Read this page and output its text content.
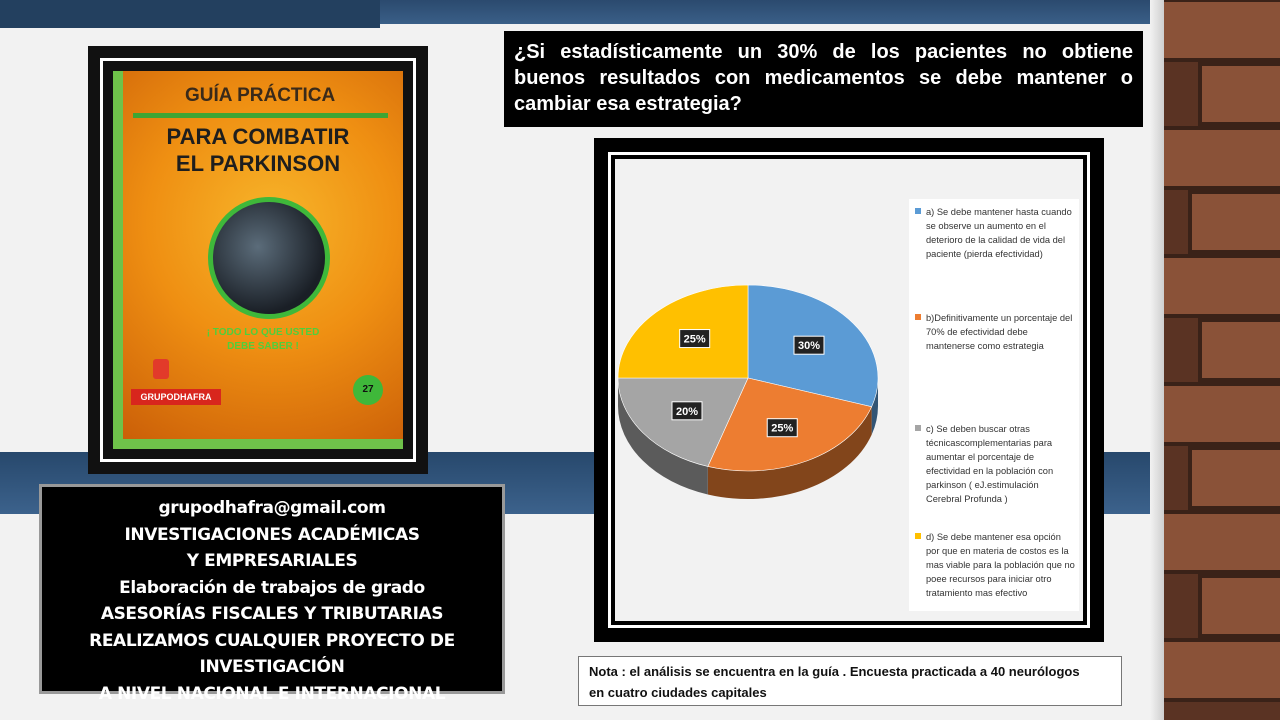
GUÍA PRÁCTICA
PARA COMBATIR
EL PARKINSON
¡ TODO LO QUE USTED
DEBE SABER !
GRUPODHAFRA
27
¿Si estadísticamente un 30% de los pacientes no obtiene buenos resultados con medicamentos se debe mantener o cambiar esa estrategia?
30%
25%
20%
25%
a) Se debe mantener hasta cuando se observe un aumento en el deterioro de la calidad de vida del paciente (pierda efectividad)
b)Definitivamente un porcentaje del 70% de efectividad debe mantenerse como estrategia
c) Se deben buscar otras técnicascomplementarias para aumentar el porcentaje de efectividad en la población con parkinson ( eJ.estimulación Cerebral Profunda )
d) Se debe mantener esa opción por que en materia de costos es la mas viable para la población que no poee recursos para iniciar otro tratamiento mas efectivo
grupodhafra@gmail.com
INVESTIGACIONES ACADÉMICAS
Y EMPRESARIALES
Elaboración de trabajos de grado
ASESORÍAS FISCALES Y TRIBUTARIAS
REALIZAMOS CUALQUIER PROYECTO DE INVESTIGACIÓN
A NIVEL NACIONAL E INTERNACIONAL
Nota : el análisis se encuentra en la guía . Encuesta practicada a 40 neurólogos
en cuatro ciudades capitales
